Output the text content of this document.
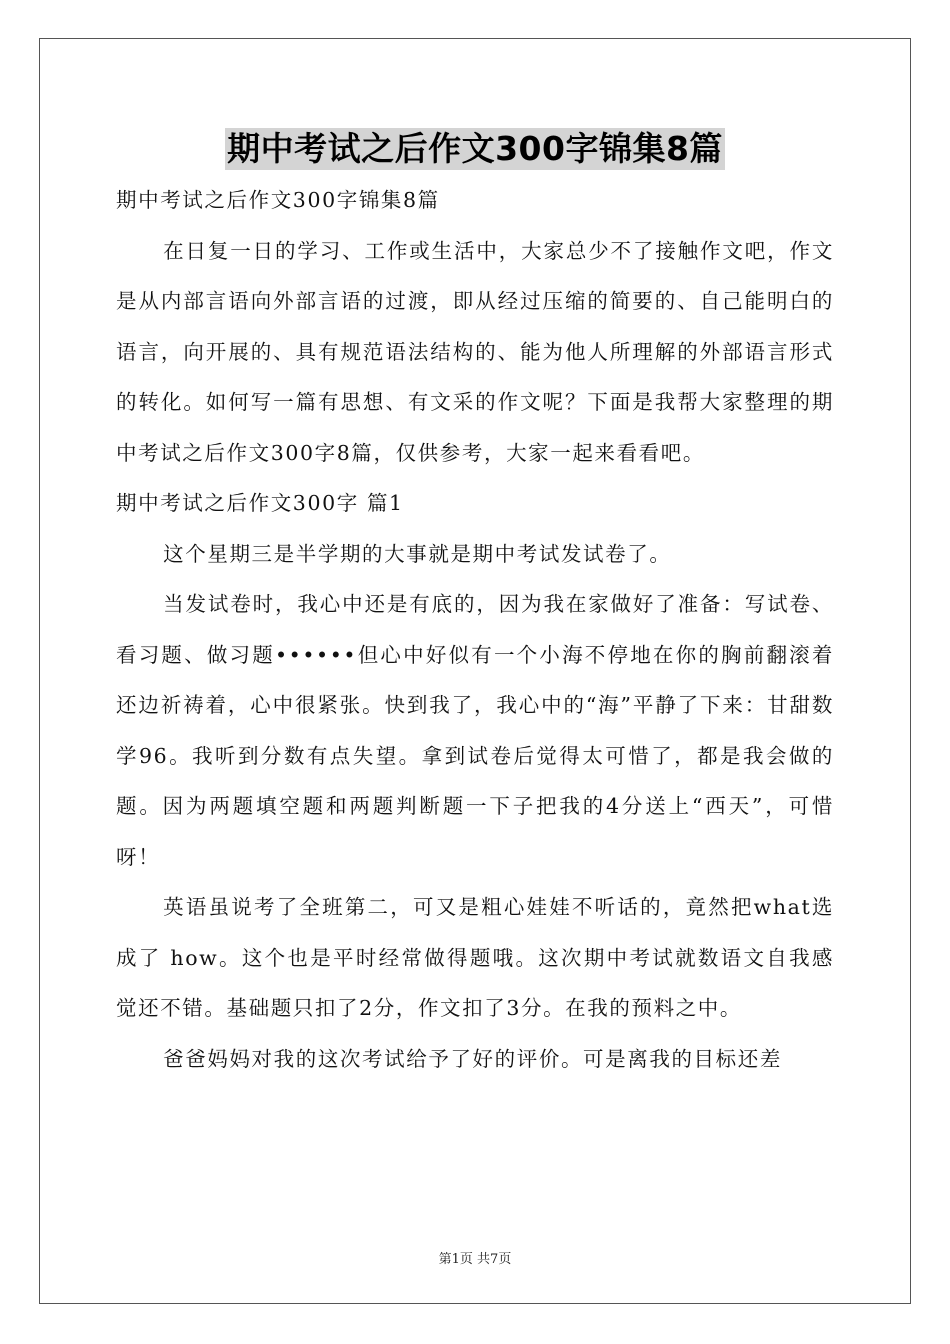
期中考试之后作文300字锦集8篇

期中考试之后作文300字锦集8篇

在日复一日的学习、工作或生活中，大家总少不了接触作文吧，作文是从内部言语向外部言语的过渡，即从经过压缩的简要的、自己能明白的语言，向开展的、具有规范语法结构的、能为他人所理解的外部语言形式的转化。如何写一篇有思想、有文采的作文呢？下面是我帮大家整理的期中考试之后作文300字8篇，仅供参考，大家一起来看看吧。

期中考试之后作文300字 篇1

这个星期三是半学期的大事就是期中考试发试卷了。

当发试卷时，我心中还是有底的，因为我在家做好了准备：写试卷、看习题、做习题••••••但心中好似有一个小海不停地在你的胸前翻滚着还边祈祷着，心中很紧张。快到我了，我心中的“海”平静了下来：甘甜数学96。我听到分数有点失望。拿到试卷后觉得太可惜了，都是我会做的题。因为两题填空题和两题判断题一下子把我的4分送上“西天”，可惜呀！

英语虽说考了全班第二，可又是粗心娃娃不听话的，竟然把what选成了 how。这个也是平时经常做得题哦。这次期中考试就数语文自我感觉还不错。基础题只扣了2分，作文扣了3分。在我的预料之中。

爸爸妈妈对我的这次考试给予了好的评价。可是离我的目标还差

第1页 共7页
